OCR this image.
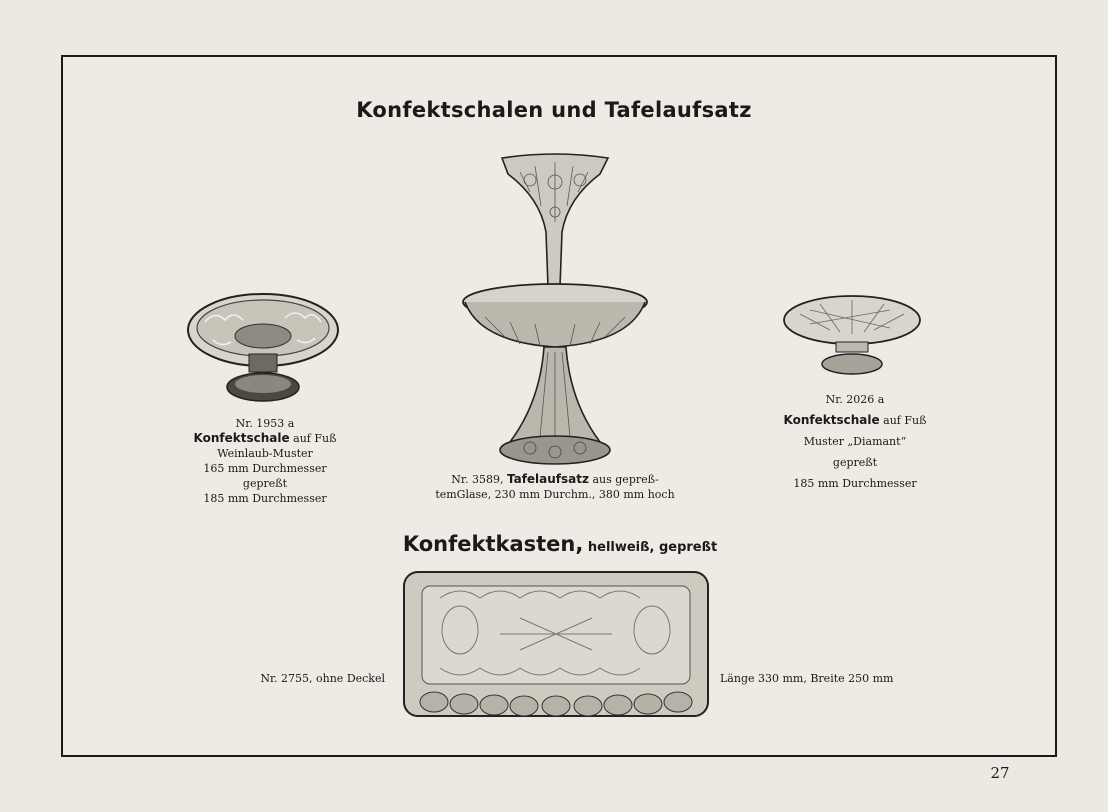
Konfektschalen und Tafelaufsatz
Nr. 1953 a
Konfektschale auf Fuß
Weinlaub-Muster
165 mm Durchmesser
gepreßt
185 mm Durchmesser
Nr. 3589, Tafelaufsatz aus gepreß-
temGlase, 230 mm Durchm., 380 mm hoch
Nr. 2026 a
Konfektschale auf Fuß
Muster „Diamant“
gepreßt
185 mm Durchmesser
Konfektkasten, hellweiß, gepreßt
Nr. 2755, ohne Deckel	Länge 330 mm, Breite 250 mm
27
